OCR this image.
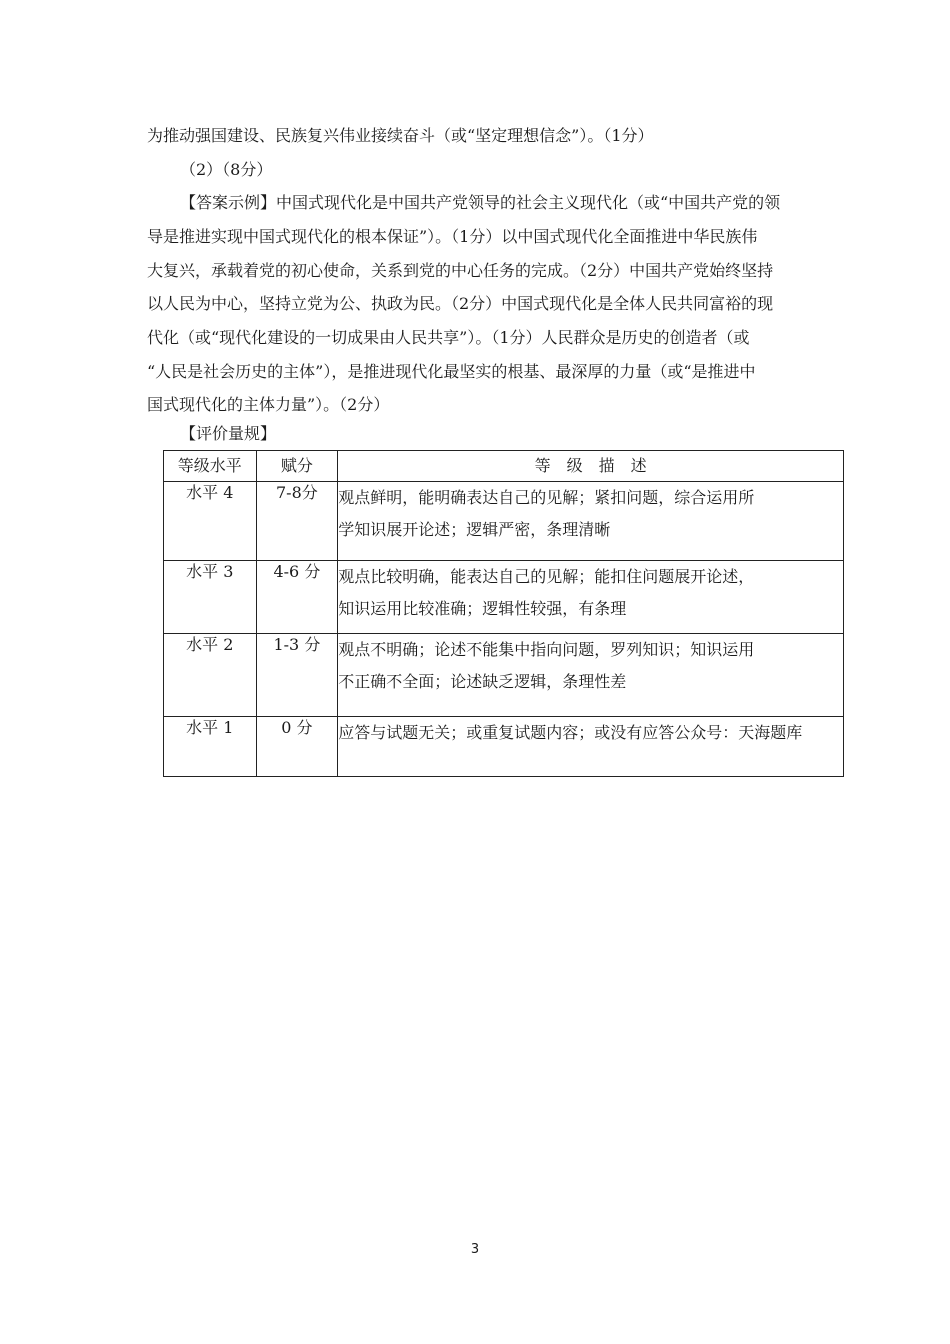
为推动强国建设、民族复兴伟业接续奋斗（或“坚定理想信念”）。（1分）
（2）（8分）
【答案示例】中国式现代化是中国共产党领导的社会主义现代化（或“中国共产党的领
导是推进实现中国式现代化的根本保证”）。（1分）以中国式现代化全面推进中华民族伟
大复兴，承载着党的初心使命，关系到党的中心任务的完成。（2分）中国共产党始终坚持
以人民为中心，坚持立党为公、执政为民。（2分）中国式现代化是全体人民共同富裕的现
代化（或“现代化建设的一切成果由人民共享”）。（1分）人民群众是历史的创造者（或
“人民是社会历史的主体”），是推进现代化最坚实的根基、最深厚的力量（或“是推进中
国式现代化的主体力量”）。（2分）
【评价量规】
等级水平	赋分	等　级　描　述
水平 4	7-8分	观点鲜明，能明确表达自己的见解；紧扣问题，综合运用所
学知识展开论述；逻辑严密，条理清晰

水平 3	4-6 分	观点比较明确，能表达自己的见解；能扣住问题展开论述，
知识运用比较准确；逻辑性较强，有条理

水平 2	1-3 分	观点不明确；论述不能集中指向问题，罗列知识；知识运用
不正确不全面；论述缺乏逻辑，条理性差

水平 1	0 分	应答与试题无关；或重复试题内容；或没有应答公众号：天海题库
3
